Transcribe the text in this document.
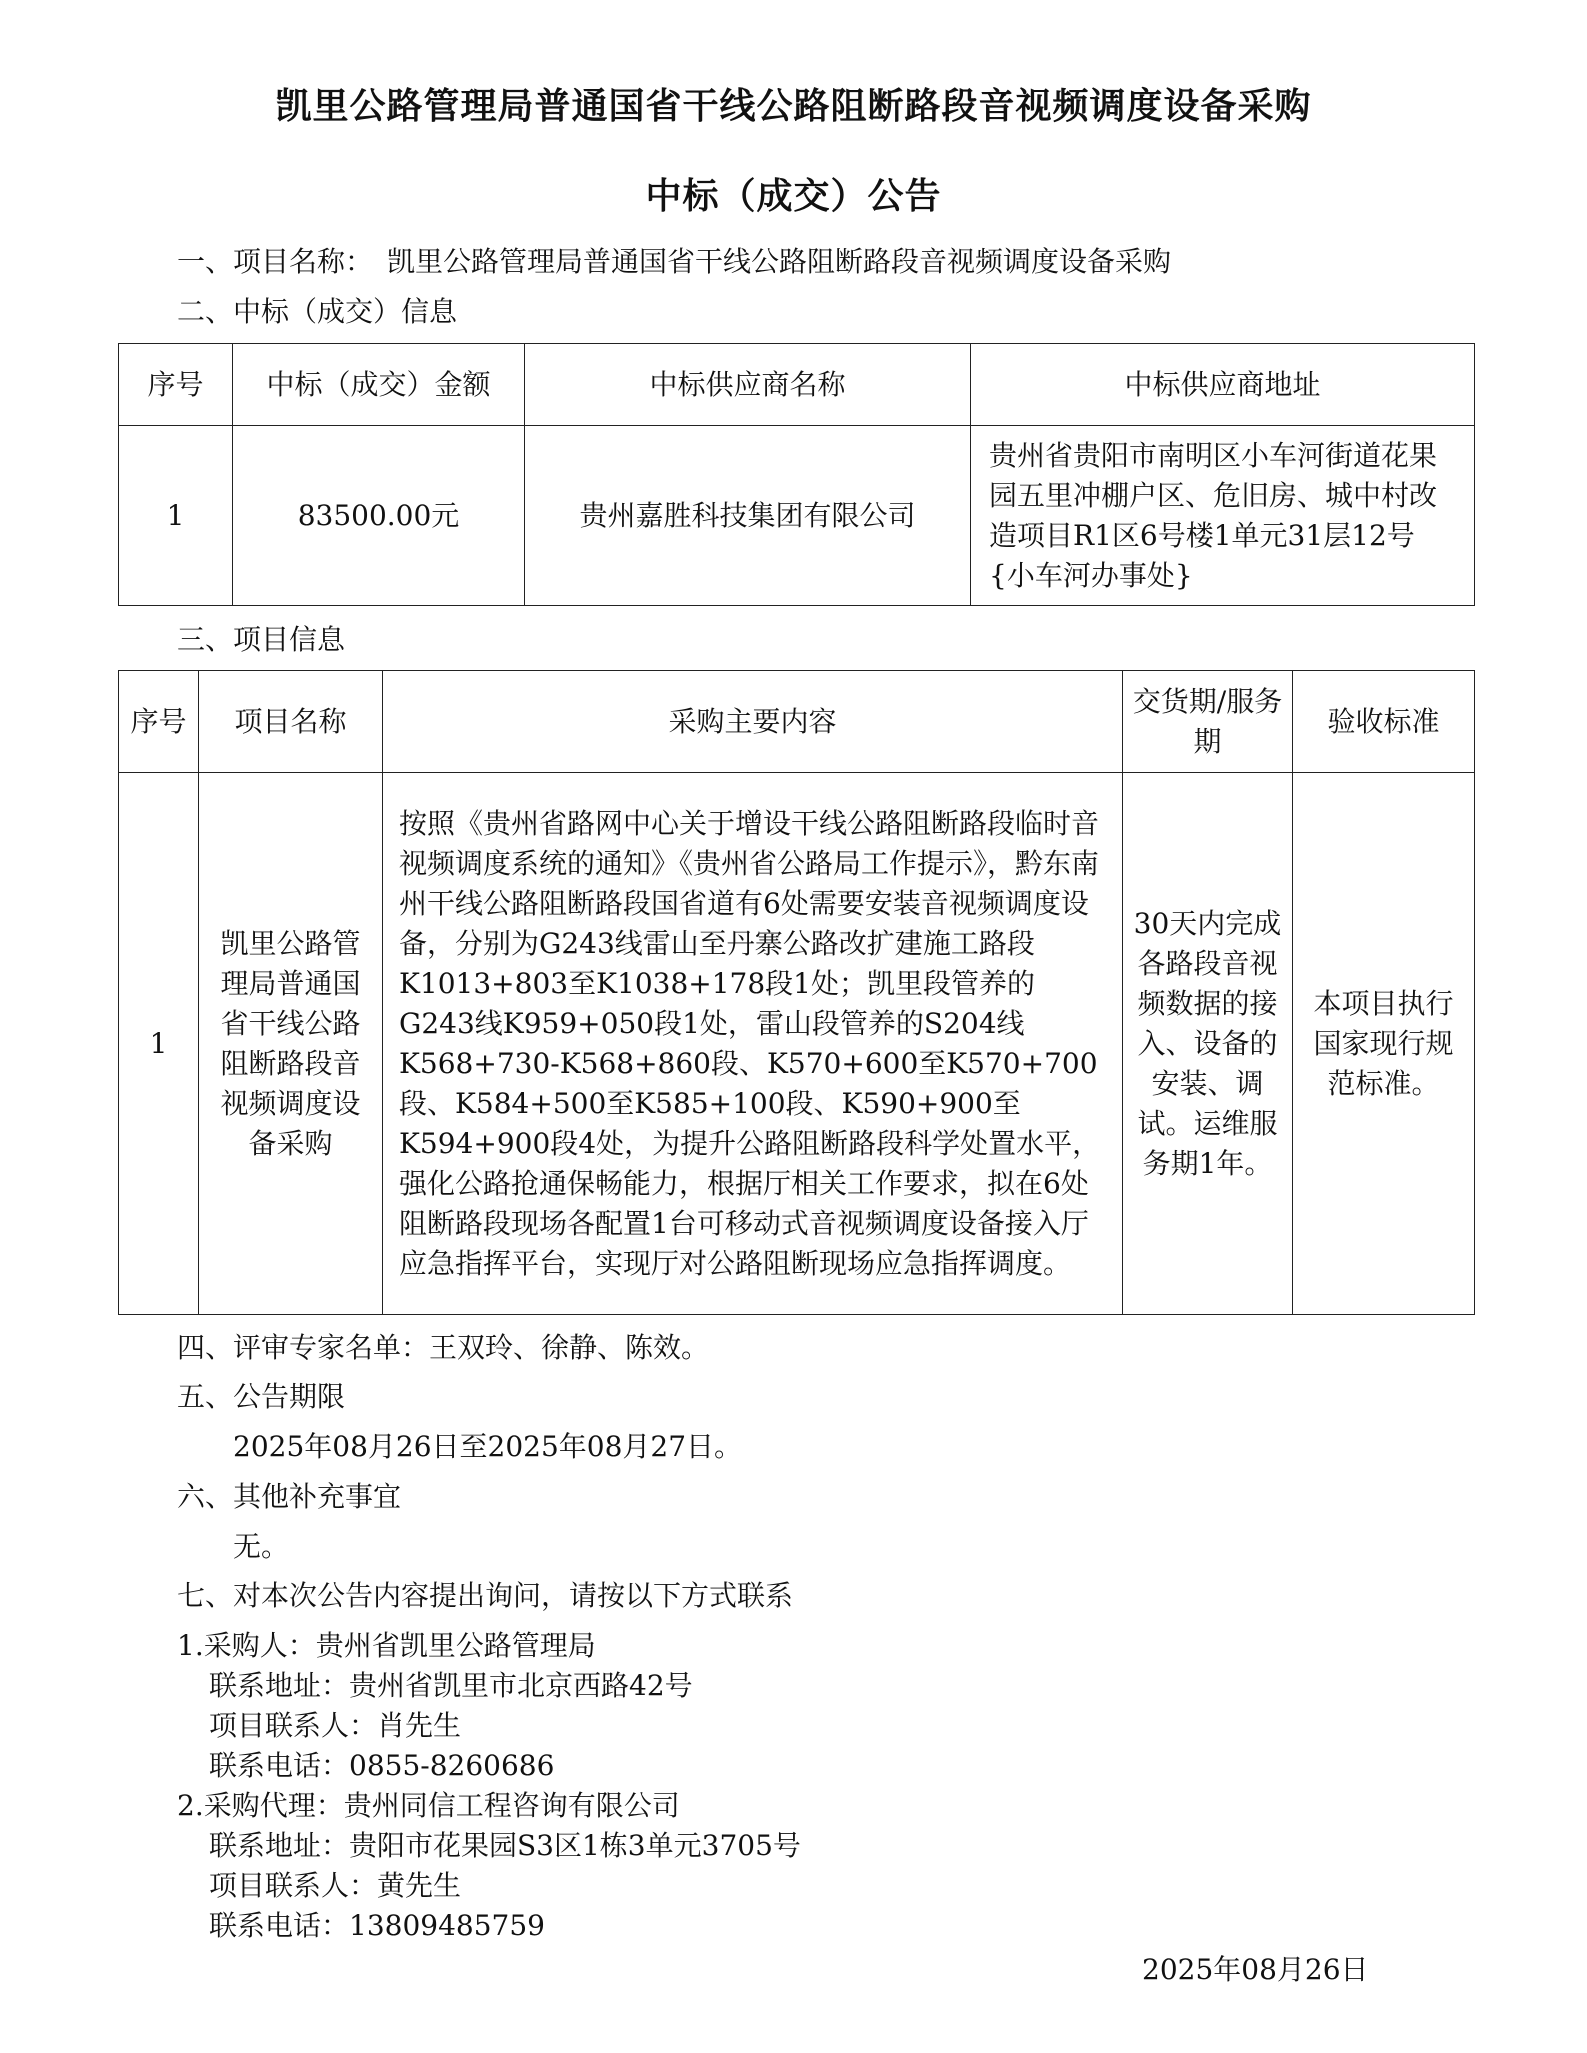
凯里公路管理局普通国省干线公路阻断路段音视频调度设备采购
中标（成交）公告
一、项目名称： 凯里公路管理局普通国省干线公路阻断路段音视频调度设备采购
二、中标（成交）信息
序号	中标（成交）金额	中标供应商名称	中标供应商地址
1	83500.00元	贵州嘉胜科技集团有限公司	贵州省贵阳市南明区小车河街道花果园五里冲棚户区、危旧房、城中村改造项目R1区6号楼1单元31层12号{小车河办事处}
三、项目信息
序号	项目名称	采购主要内容	交货期/服务期	验收标准
1	凯里公路管理局普通国省干线公路阻断路段音视频调度设备采购	按照《贵州省路网中心关于增设干线公路阻断路段临时音视频调度系统的通知》《贵州省公路局工作提示》，黔东南州干线公路阻断路段国省道有6处需要安装音视频调度设备，分别为G243线雷山至丹寨公路改扩建施工路段K1013+803至K1038+178段1处；凯里段管养的G243线K959+050段1处，雷山段管养的S204线K568+730-K568+860段、K570+600至K570+700段、K584+500至K585+100段、K590+900至K594+900段4处，为提升公路阻断路段科学处置水平，强化公路抢通保畅能力，根据厅相关工作要求，拟在6处阻断路段现场各配置1台可移动式音视频调度设备接入厅应急指挥平台，实现厅对公路阻断现场应急指挥调度。	30天内完成各路段音视频数据的接入、设备的安装、调试。运维服务期1年。	本项目执行国家现行规范标准。
四、评审专家名单：王双玲、徐静、陈效。
五、公告期限
2025年08月26日至2025年08月27日。
六、其他补充事宜
无。
七、对本次公告内容提出询问，请按以下方式联系
1.采购人：贵州省凯里公路管理局
联系地址：贵州省凯里市北京西路42号
项目联系人：肖先生
联系电话：0855-8260686
2.采购代理：贵州同信工程咨询有限公司
联系地址：贵阳市花果园S3区1栋3单元3705号
项目联系人：黄先生
联系电话：13809485759
2025年08月26日
